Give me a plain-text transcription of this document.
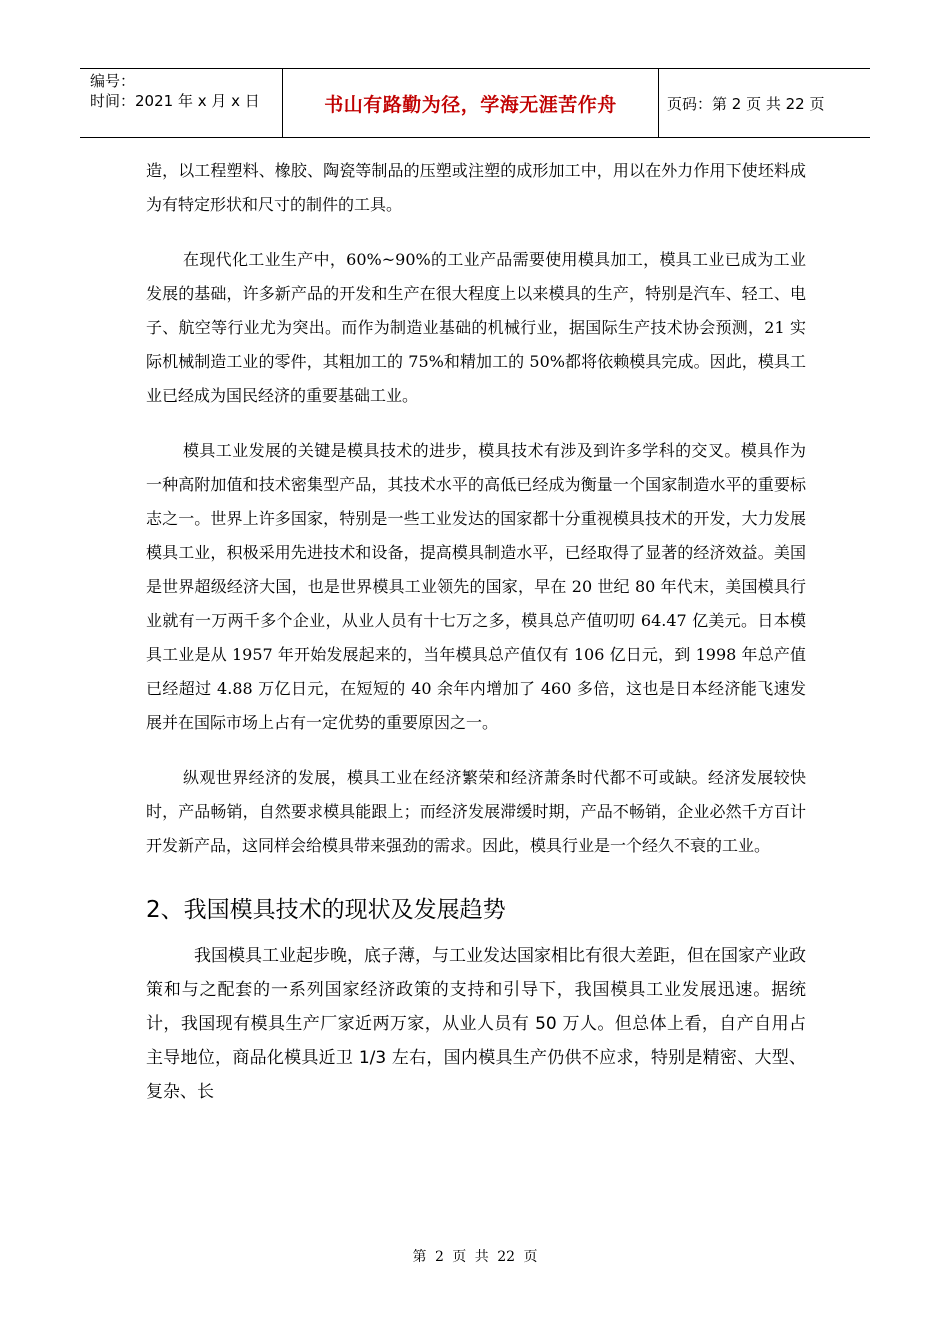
编号：
时间：2021 年 x 月 x 日	书山有路勤为径，学海无涯苦作舟	页码：第 2 页 共 22 页

造，以工程塑料、橡胶、陶瓷等制品的压塑或注塑的成形加工中，用以在外力作用下使坯料成为有特定形状和尺寸的制件的工具。

在现代化工业生产中，60%~90%的工业产品需要使用模具加工，模具工业已成为工业发展的基础，许多新产品的开发和生产在很大程度上以来模具的生产，特别是汽车、轻工、电子、航空等行业尤为突出。而作为制造业基础的机械行业，据国际生产技术协会预测，21 实际机械制造工业的零件，其粗加工的 75%和精加工的 50%都将依赖模具完成。因此，模具工业已经成为国民经济的重要基础工业。

模具工业发展的关键是模具技术的进步，模具技术有涉及到许多学科的交叉。模具作为一种高附加值和技术密集型产品，其技术水平的高低已经成为衡量一个国家制造水平的重要标志之一。世界上许多国家，特别是一些工业发达的国家都十分重视模具技术的开发，大力发展模具工业，积极采用先进技术和设备，提高模具制造水平，已经取得了显著的经济效益。美国是世界超级经济大国，也是世界模具工业领先的国家，早在 20 世纪 80 年代末，美国模具行业就有一万两千多个企业，从业人员有十七万之多，模具总产值叨叨 64.47 亿美元。日本模具工业是从 1957 年开始发展起来的，当年模具总产值仅有 106 亿日元，到 1998 年总产值已经超过 4.88 万亿日元，在短短的 40 余年内增加了 460 多倍，这也是日本经济能飞速发展并在国际市场上占有一定优势的重要原因之一。

纵观世界经济的发展，模具工业在经济繁荣和经济萧条时代都不可或缺。经济发展较快时，产品畅销，自然要求模具能跟上；而经济发展滞缓时期，产品不畅销，企业必然千方百计开发新产品，这同样会给模具带来强劲的需求。因此，模具行业是一个经久不衰的工业。

2、我国模具技术的现状及发展趋势

我国模具工业起步晚，底子薄，与工业发达国家相比有很大差距，但在国家产业政策和与之配套的一系列国家经济政策的支持和引导下，我国模具工业发展迅速。据统计，我国现有模具生产厂家近两万家，从业人员有 50 万人。但总体上看，自产自用占主导地位，商品化模具近卫 1/3 左右，国内模具生产仍供不应求，特别是精密、大型、复杂、长

第 2 页 共 22 页
